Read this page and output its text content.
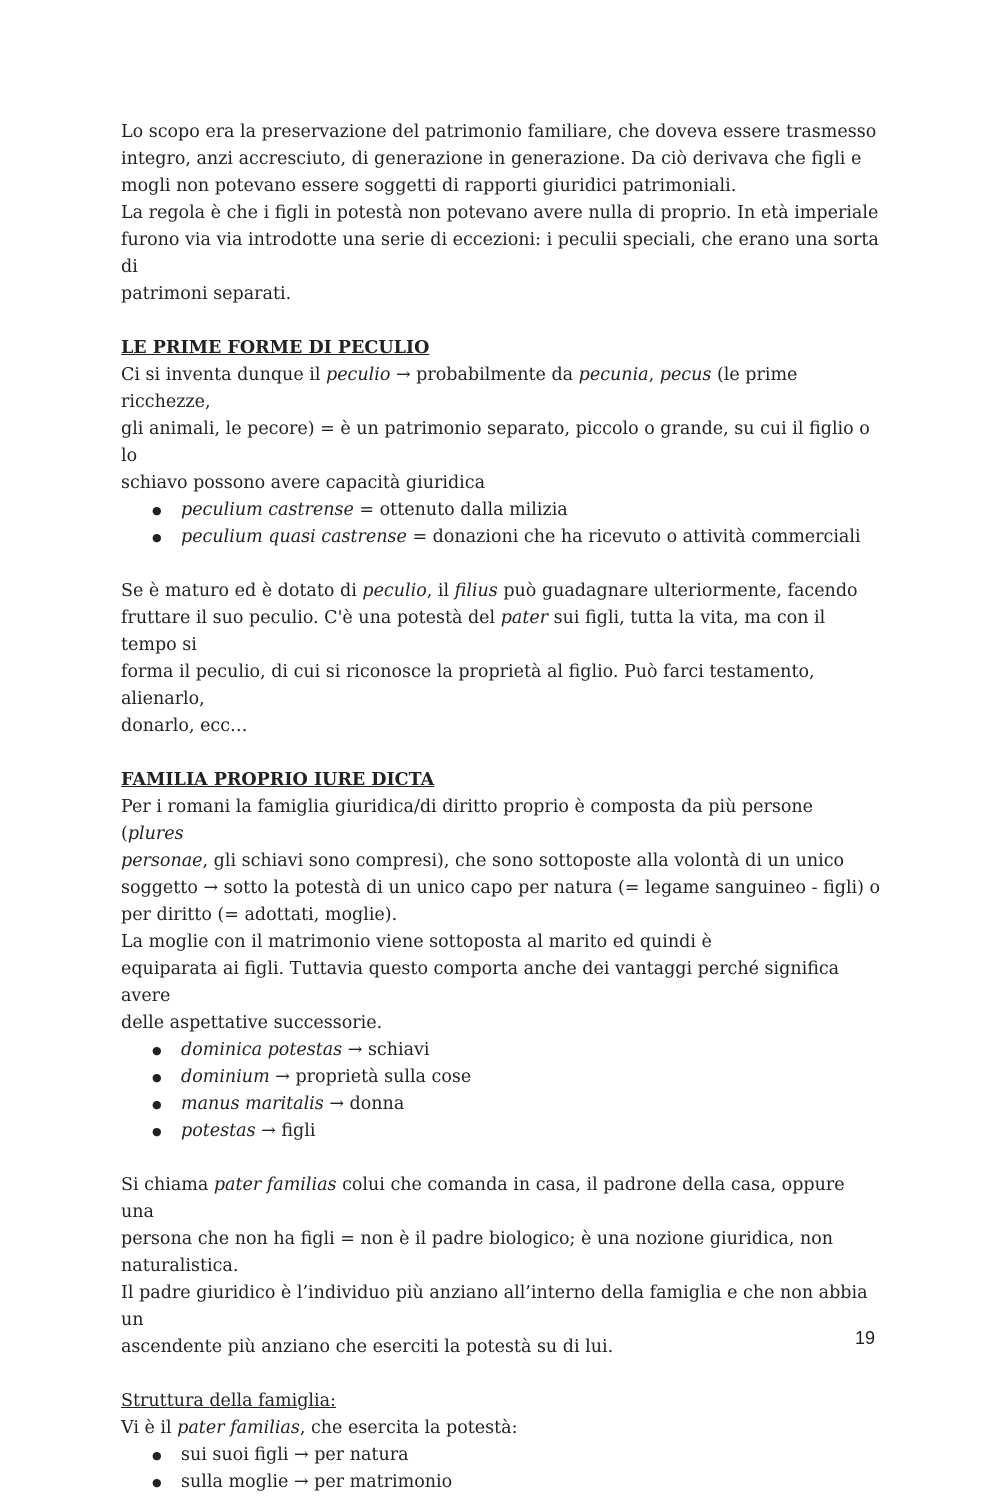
Lo scopo era la preservazione del patrimonio familiare, che doveva essere trasmesso
integro, anzi accresciuto, di generazione in generazione. Da ciò derivava che figli e
mogli non potevano essere soggetti di rapporti giuridici patrimoniali.
La regola è che i figli in potestà non potevano avere nulla di proprio. In età imperiale
furono via via introdotte una serie di eccezioni: i peculii speciali, che erano una sorta di
patrimoni separati.

LE PRIME FORME DI PECULIO

Ci si inventa dunque il peculio → probabilmente da pecunia, pecus (le prime ricchezze,
gli animali, le pecore) = è un patrimonio separato, piccolo o grande, su cui il figlio o lo
schiavo possono avere capacità giuridica

● peculium castrense = ottenuto dalla milizia
● peculium quasi castrense = donazioni che ha ricevuto o attività commerciali

Se è maturo ed è dotato di peculio, il filius può guadagnare ulteriormente, facendo
fruttare il suo peculio. C'è una potestà del pater sui figli, tutta la vita, ma con il tempo si
forma il peculio, di cui si riconosce la proprietà al figlio. Può farci testamento, alienarlo,
donarlo, ecc…

FAMILIA PROPRIO IURE DICTA

Per i romani la famiglia giuridica/di diritto proprio è composta da più persone (plures
personae, gli schiavi sono compresi), che sono sottoposte alla volontà di un unico
soggetto → sotto la potestà di un unico capo per natura (= legame sanguineo - figli) o
per diritto (= adottati, moglie).
La moglie con il matrimonio viene sottoposta al marito ed quindi è
equiparata ai figli. Tuttavia questo comporta anche dei vantaggi perché significa avere
delle aspettative successorie.

● dominica potestas → schiavi
● dominium → proprietà sulla cose
● manus maritalis → donna
● potestas → figli

Si chiama pater familias colui che comanda in casa, il padrone della casa, oppure una
persona che non ha figli = non è il padre biologico; è una nozione giuridica, non
naturalistica.
Il padre giuridico è l’individuo più anziano all’interno della famiglia e che non abbia un
ascendente più anziano che eserciti la potestà su di lui.

Struttura della famiglia:

Vi è il pater familias, che esercita la potestà:

● sui suoi figli → per natura
● sulla moglie → per matrimonio
19
